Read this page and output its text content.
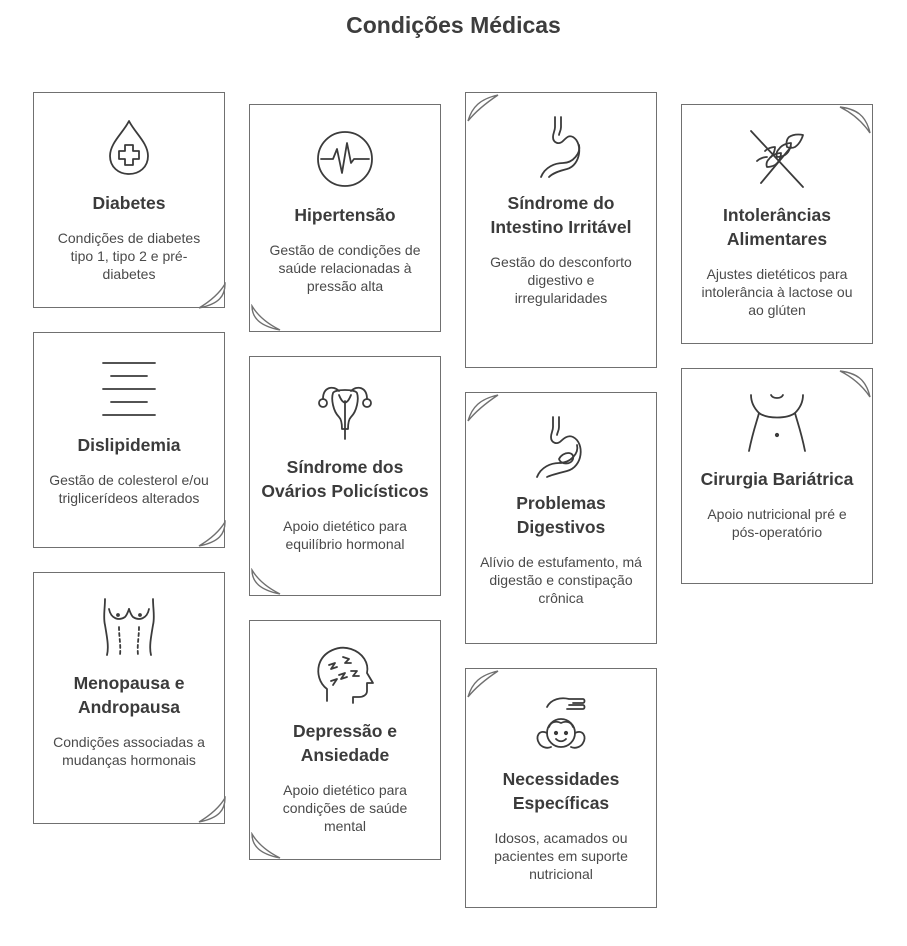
Condições Médicas
Diabetes

Condições de diabetes tipo 1, tipo 2 e pré-diabetes

Dislipidemia

Gestão de colesterol e/ou triglicerídeos alterados

Menopausa e Andropausa

Condições associadas a mudanças hormonais

Hipertensão

Gestão de condições de saúde relacionadas à pressão alta

Síndrome dos Ovários Policísticos

Apoio dietético para equilíbrio hormonal

Depressão e Ansiedade

Apoio dietético para condições de saúde mental

Síndrome do Intestino Irritável

Gestão do desconforto digestivo e irregularidades

Problemas Digestivos

Alívio de estufamento, má digestão e constipação crônica

Necessidades Específicas

Idosos, acamados ou pacientes em suporte nutricional

Intolerâncias Alimentares

Ajustes dietéticos para intolerância à lactose ou ao glúten

Cirurgia Bariátrica

Apoio nutricional pré e pós-operatório
